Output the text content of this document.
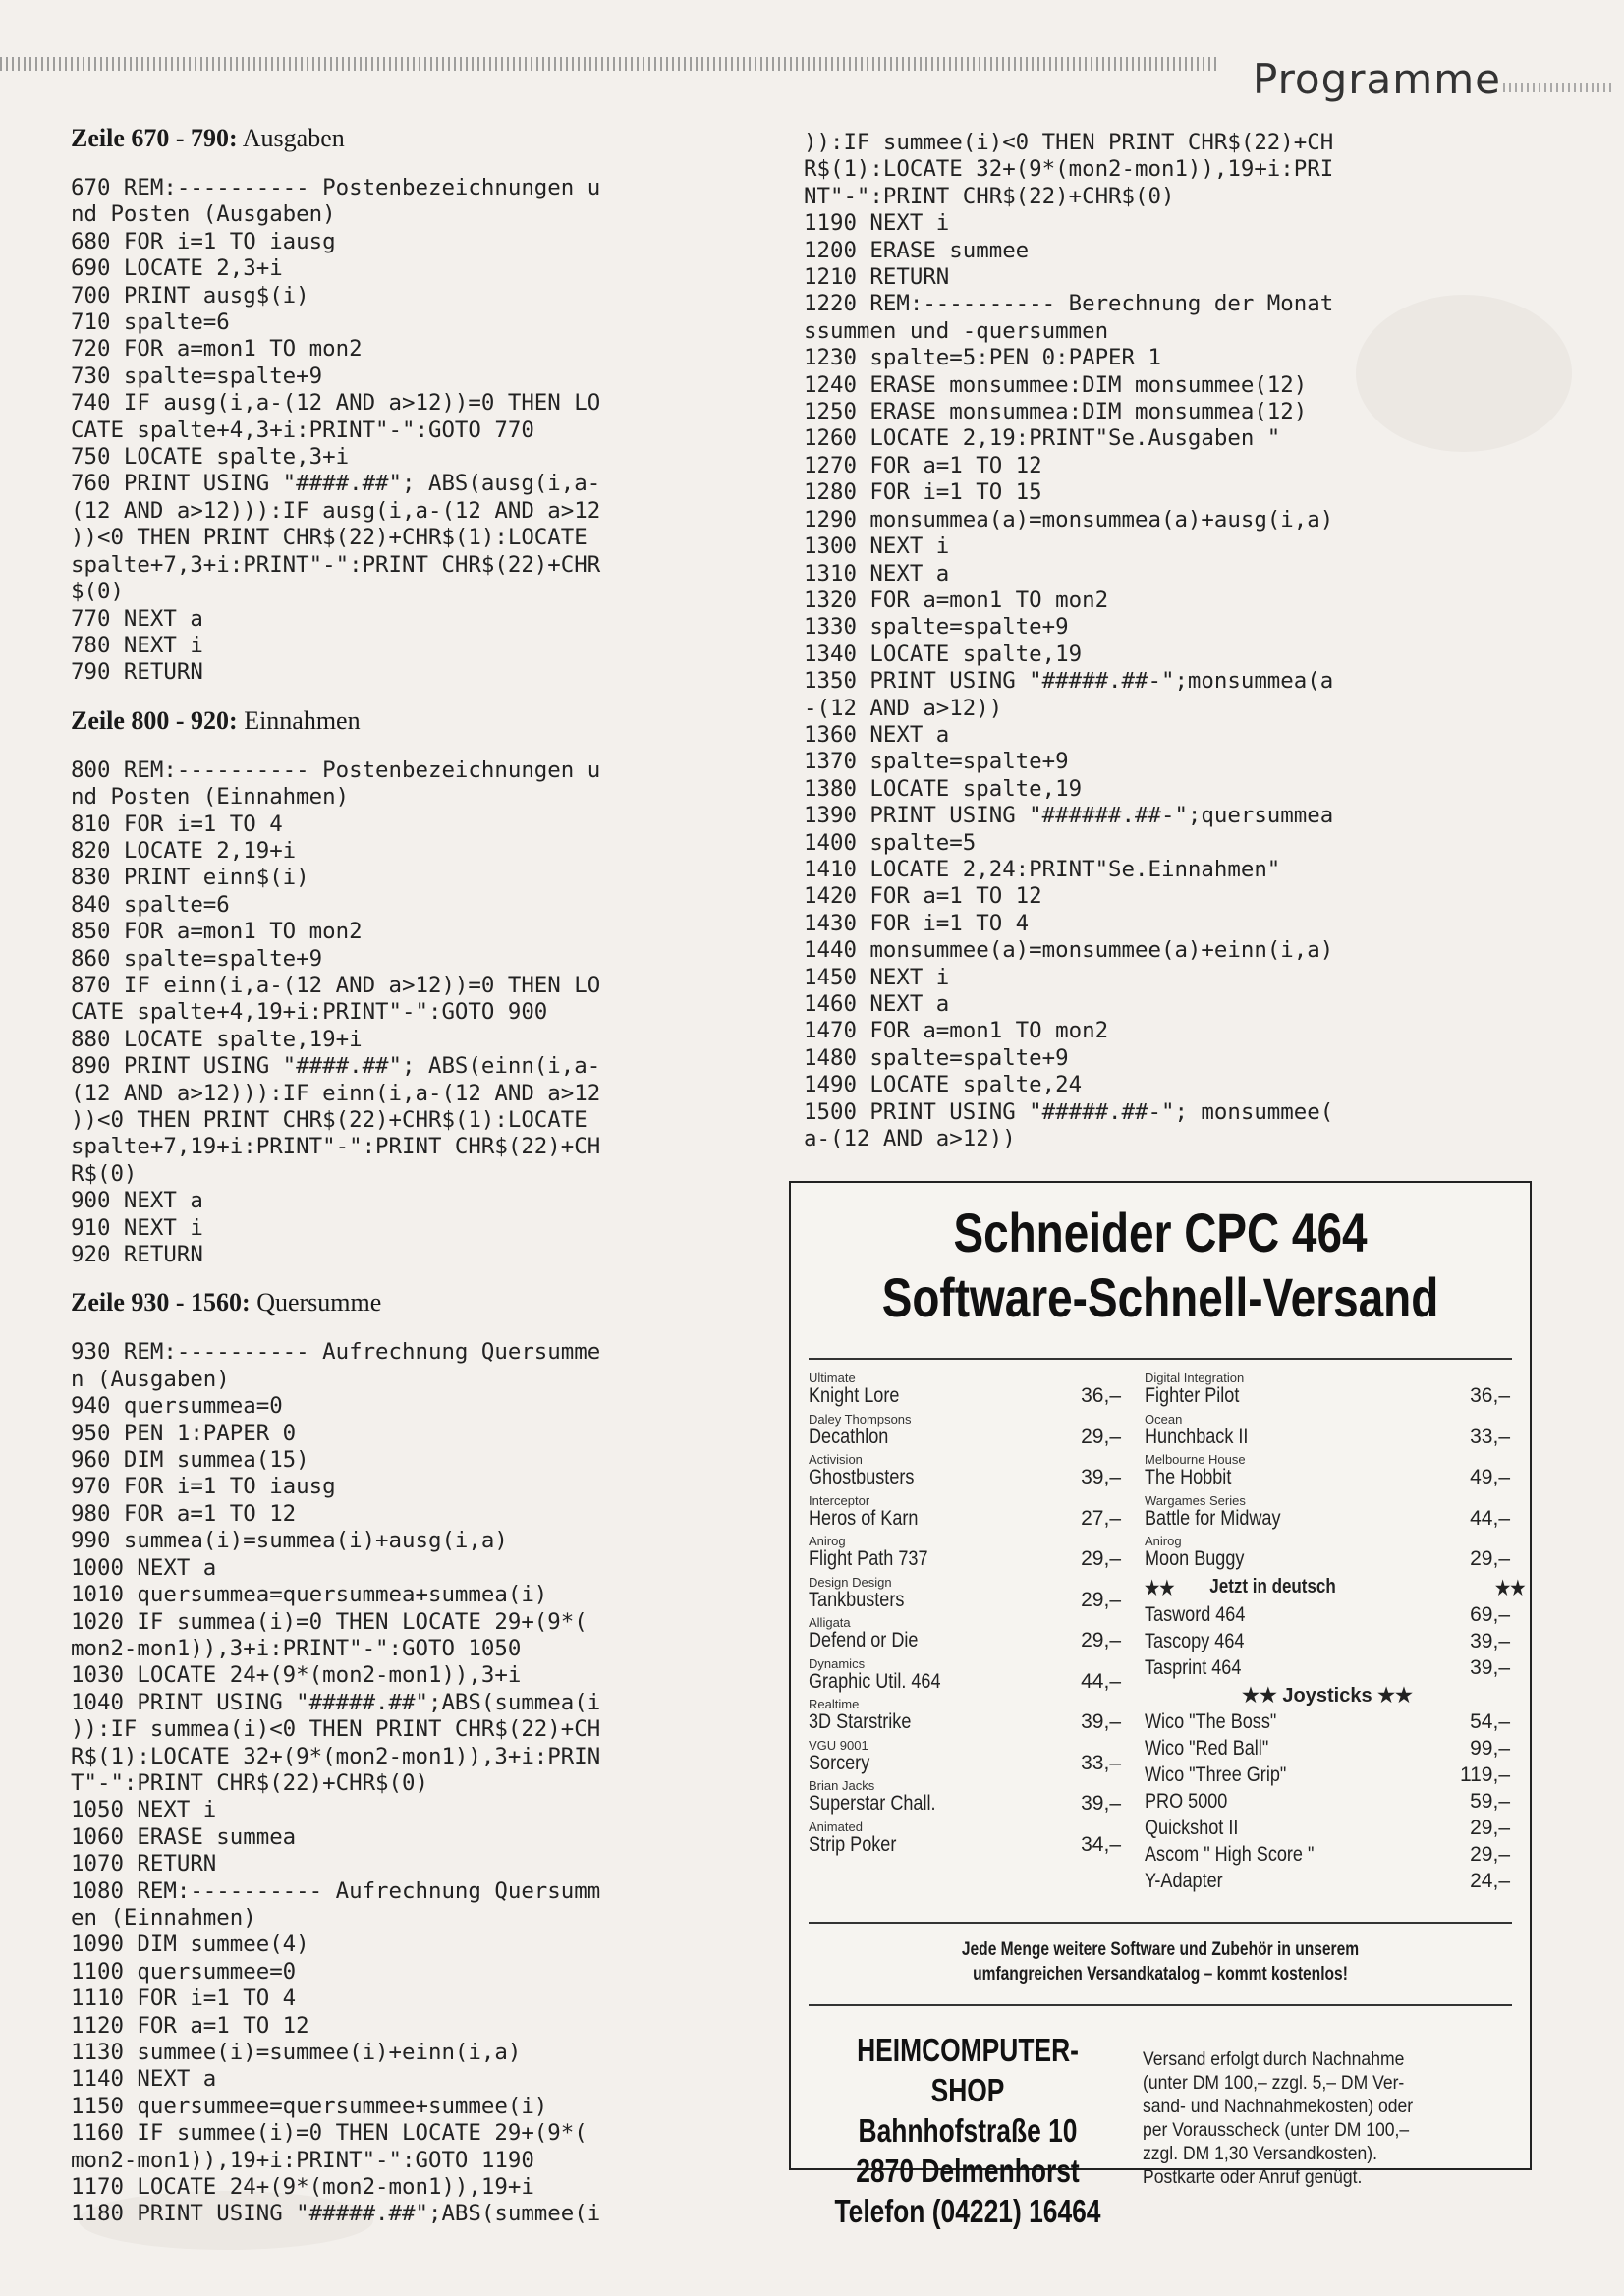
Programme
Zeile 670 - 790: Ausgaben
670 REM:---------- Postenbezeichnungen u
nd Posten (Ausgaben)
680 FOR i=1 TO iausg
690 LOCATE 2,3+i
700 PRINT ausg$(i)
710 spalte=6
720 FOR a=mon1 TO mon2
730 spalte=spalte+9
740 IF ausg(i,a-(12 AND a>12))=0 THEN LO
CATE spalte+4,3+i:PRINT"-":GOTO 770
750 LOCATE spalte,3+i
760 PRINT USING "####.##"; ABS(ausg(i,a-
(12 AND a>12))):IF ausg(i,a-(12 AND a>12
))<0 THEN PRINT CHR$(22)+CHR$(1):LOCATE
spalte+7,3+i:PRINT"-":PRINT CHR$(22)+CHR
$(0)
770 NEXT a
780 NEXT i
790 RETURN
Zeile 800 - 920: Einnahmen
800 REM:---------- Postenbezeichnungen u
nd Posten (Einnahmen)
810 FOR i=1 TO 4
820 LOCATE 2,19+i
830 PRINT einn$(i)
840 spalte=6
850 FOR a=mon1 TO mon2
860 spalte=spalte+9
870 IF einn(i,a-(12 AND a>12))=0 THEN LO
CATE spalte+4,19+i:PRINT"-":GOTO 900
880 LOCATE spalte,19+i
890 PRINT USING "####.##"; ABS(einn(i,a-
(12 AND a>12))):IF einn(i,a-(12 AND a>12
))<0 THEN PRINT CHR$(22)+CHR$(1):LOCATE
spalte+7,19+i:PRINT"-":PRINT CHR$(22)+CH
R$(0)
900 NEXT a
910 NEXT i
920 RETURN
Zeile 930 - 1560: Quersumme
930 REM:---------- Aufrechnung Quersumme
n (Ausgaben)
940 quersummea=0
950 PEN 1:PAPER 0
960 DIM summea(15)
970 FOR i=1 TO iausg
980 FOR a=1 TO 12
990 summea(i)=summea(i)+ausg(i,a)
1000 NEXT a
1010 quersummea=quersummea+summea(i)
1020 IF summea(i)=0 THEN LOCATE 29+(9*(
mon2-mon1)),3+i:PRINT"-":GOTO 1050
1030 LOCATE 24+(9*(mon2-mon1)),3+i
1040 PRINT USING "#####.##";ABS(summea(i
)):IF summea(i)<0 THEN PRINT CHR$(22)+CH
R$(1):LOCATE 32+(9*(mon2-mon1)),3+i:PRIN
T"-":PRINT CHR$(22)+CHR$(0)
1050 NEXT i
1060 ERASE summea
1070 RETURN
1080 REM:---------- Aufrechnung Quersumm
en (Einnahmen)
1090 DIM summee(4)
1100 quersummee=0
1110 FOR i=1 TO 4
1120 FOR a=1 TO 12
1130 summee(i)=summee(i)+einn(i,a)
1140 NEXT a
1150 quersummee=quersummee+summee(i)
1160 IF summee(i)=0 THEN LOCATE 29+(9*(
mon2-mon1)),19+i:PRINT"-":GOTO 1190
1170 LOCATE 24+(9*(mon2-mon1)),19+i
1180 PRINT USING "#####.##";ABS(summee(i
)):IF summee(i)<0 THEN PRINT CHR$(22)+CH
R$(1):LOCATE 32+(9*(mon2-mon1)),19+i:PRI
NT"-":PRINT CHR$(22)+CHR$(0)
1190 NEXT i
1200 ERASE summee
1210 RETURN
1220 REM:---------- Berechnung der Monat
ssummen und -quersummen
1230 spalte=5:PEN 0:PAPER 1
1240 ERASE monsummee:DIM monsummee(12)
1250 ERASE monsummea:DIM monsummea(12)
1260 LOCATE 2,19:PRINT"Se.Ausgaben "
1270 FOR a=1 TO 12
1280 FOR i=1 TO 15
1290 monsummea(a)=monsummea(a)+ausg(i,a)
1300 NEXT i
1310 NEXT a
1320 FOR a=mon1 TO mon2
1330 spalte=spalte+9
1340 LOCATE spalte,19
1350 PRINT USING "#####.##-";monsummea(a
-(12 AND a>12))
1360 NEXT a
1370 spalte=spalte+9
1380 LOCATE spalte,19
1390 PRINT USING "######.##-";quersummea
1400 spalte=5
1410 LOCATE 2,24:PRINT"Se.Einnahmen"
1420 FOR a=1 TO 12
1430 FOR i=1 TO 4
1440 monsummee(a)=monsummee(a)+einn(i,a)
1450 NEXT i
1460 NEXT a
1470 FOR a=mon1 TO mon2
1480 spalte=spalte+9
1490 LOCATE spalte,24
1500 PRINT USING "#####.##-"; monsummee(
a-(12 AND a>12))
Schneider CPC 464
Software-Schnell-Versand
Ultimate
Knight Lore	36,–
Daley Thompsons
Decathlon	29,–
Activision
Ghostbusters	39,–
Interceptor
Heros of Karn	27,–
Anirog
Flight Path 737	29,–
Design Design
Tankbusters	29,–
Alligata
Defend or Die	29,–
Dynamics
Graphic Util. 464	44,–
Realtime
3D Starstrike	39,–
VGU 9001
Sorcery	33,–
Brian Jacks
Superstar Chall.	39,–
Animated
Strip Poker	34,–
Digital Integration
Fighter Pilot	36,–
Ocean
Hunchback II	33,–
Melbourne House
The Hobbit	49,–
Wargames Series
Battle for Midway	44,–
Anirog
Moon Buggy	29,–
★★ Jetzt in deutsch	★★
Tasword 464	69,–
Tascopy 464	39,–
Tasprint 464	39,–
★★ Joysticks ★★
Wico "The Boss"	54,–
Wico "Red Ball"	99,–
Wico "Three Grip"	119,–
PRO 5000	59,–
Quickshot II	29,–
Ascom " High Score "	29,–
Y-Adapter	24,–
Jede Menge weitere Software und Zubehör in unserem
umfangreichen Versandkatalog – kommt kostenlos!
HEIMCOMPUTER-SHOP
Bahnhofstraße 10
2870 Delmenhorst
Telefon (04221) 16464
Versand erfolgt durch Nachnahme
(unter DM 100,– zzgl. 5,– DM Ver-
sand- und Nachnahmekosten) oder
per Vorausscheck (unter DM 100,–
zzgl. DM 1,30 Versandkosten).
Postkarte oder Anruf genügt.
